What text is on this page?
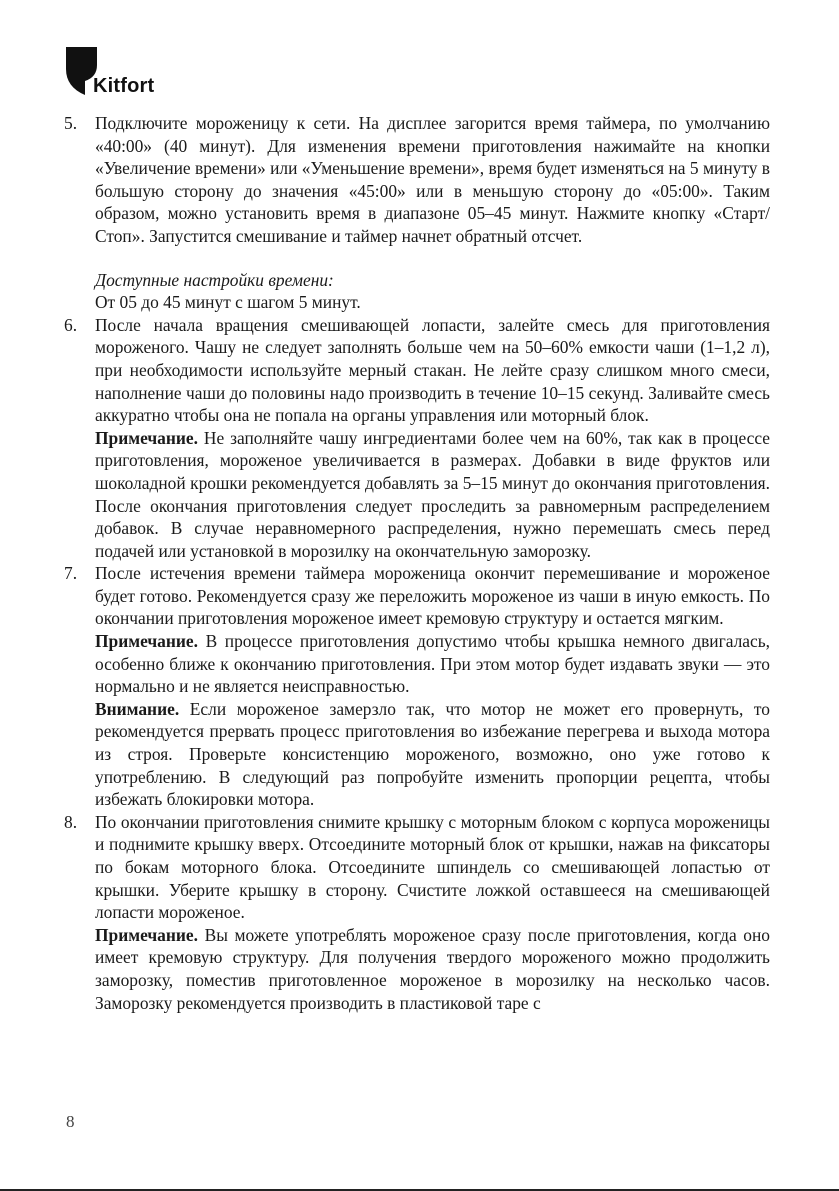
Kitfort
5. Подключите мороженицу к сети. На дисплее загорится время таймера, по умолчанию «40:00» (40 минут). Для изменения времени приготовления нажимайте на кнопки «Увеличение времени» или «Уменьшение времени», время будет изменяться на 5 минуту в большую сторону до значения «45:00» или в меньшую сторону до «05:00». Таким образом, можно установить время в диапазоне 05–45 минут. Нажмите кнопку «Старт/Стоп». Запустится смешивание и таймер начнет обратный отсчет.

Доступные настройки времени:
От 05 до 45 минут с шагом 5 минут.
6. После начала вращения смешивающей лопасти, залейте смесь для приготовления мороженого. Чашу не следует заполнять больше чем на 50–60% емкости чаши (1–1,2 л), при необходимости используйте мерный стакан. Не лейте сразу слишком много смеси, наполнение чаши до половины надо производить в течение 10–15 секунд. Заливайте смесь аккуратно чтобы она не попала на органы управления или моторный блок.

Примечание. Не заполняйте чашу ингредиентами более чем на 60%, так как в процессе приготовления, мороженое увеличивается в размерах. Добавки в виде фруктов или шоколадной крошки рекомендуется добавлять за 5–15 минут до окончания приготовления. После окончания приготовления следует проследить за равномерным распределением добавок. В случае неравномерного распределения, нужно перемешать смесь перед подачей или установкой в морозилку на окончательную заморозку.

7. После истечения времени таймера мороженица окончит перемешивание и мороженое будет готово. Рекомендуется сразу же переложить мороженое из чаши в иную емкость. По окончании приготовления мороженое имеет кремовую структуру и остается мягким.

Примечание. В процессе приготовления допустимо чтобы крышка немного двигалась, особенно ближе к окончанию приготовления. При этом мотор будет издавать звуки — это нормально и не является неисправностью.

Внимание. Если мороженое замерзло так, что мотор не может его провернуть, то рекомендуется прервать процесс приготовления во избежание перегрева и выхода мотора из строя. Проверьте консистенцию мороженого, возможно, оно уже готово к употреблению. В следующий раз попробуйте изменить пропорции рецепта, чтобы избежать блокировки мотора.

8. По окончании приготовления снимите крышку с моторным блоком с корпуса мороженицы и поднимите крышку вверх. Отсоедините моторный блок от крышки, нажав на фиксаторы по бокам моторного блока. Отсоедините шпиндель со смешивающей лопастью от крышки. Уберите крышку в сторону. Счистите ложкой оставшееся на смешивающей лопасти мороженое.

Примечание. Вы можете употреблять мороженое сразу после приготовления, когда оно имеет кремовую структуру. Для получения твердого мороженого можно продолжить заморозку, поместив приготовленное мороженое в морозилку на несколько часов. Заморозку рекомендуется производить в пластиковой таре с

8
